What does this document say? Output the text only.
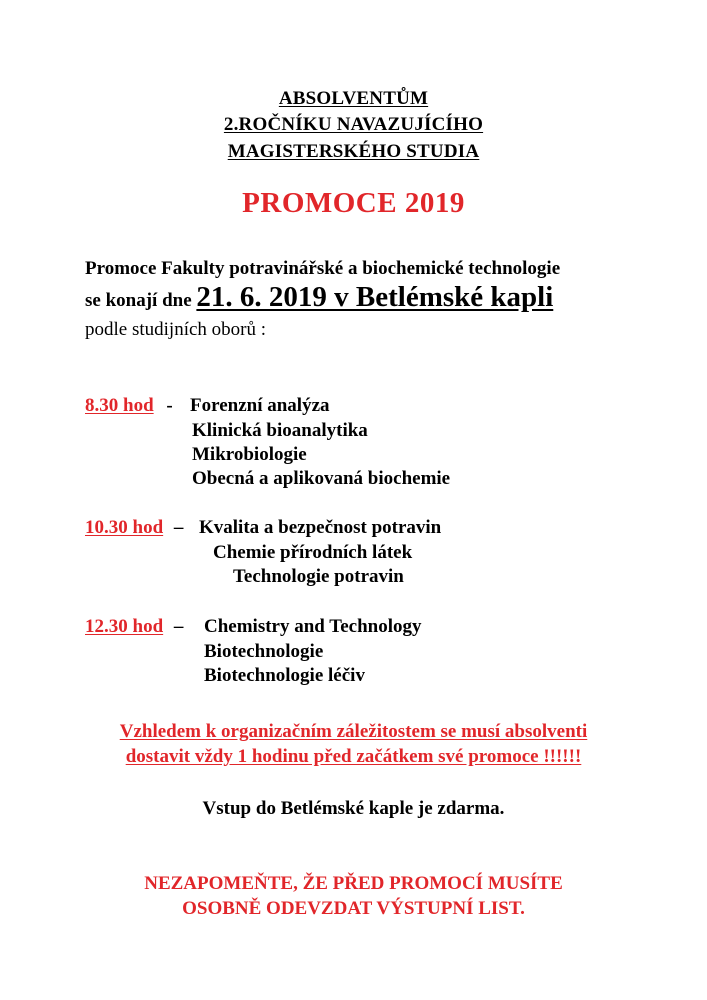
ABSOLVENTŮM
2.ROČNÍKU NAVAZUJÍCÍHO
MAGISTERSKÉHO STUDIA
PROMOCE 2019
Promoce Fakulty potravinářské a biochemické technologie
se konají dne 21. 6. 2019 v Betlémské kapli
podle studijních oborů :
8.30 hod - Forenzní analýza
Klinická bioanalytika
Mikrobiologie
Obecná a aplikovaná biochemie
10.30 hod – Kvalita a bezpečnost potravin
Chemie přírodních látek
Technologie potravin
12.30 hod – Chemistry and Technology
Biotechnologie
Biotechnologie léčiv
Vzhledem k organizačním záležitostem se musí absolventi
dostavit vždy 1 hodinu před začátkem své promoce !!!!!!
Vstup do Betlémské kaple je zdarma.
NEZAPOMEŇTE, ŽE PŘED PROMOCÍ MUSÍTE
OSOBNĚ ODEVZDAT VÝSTUPNÍ LIST.
